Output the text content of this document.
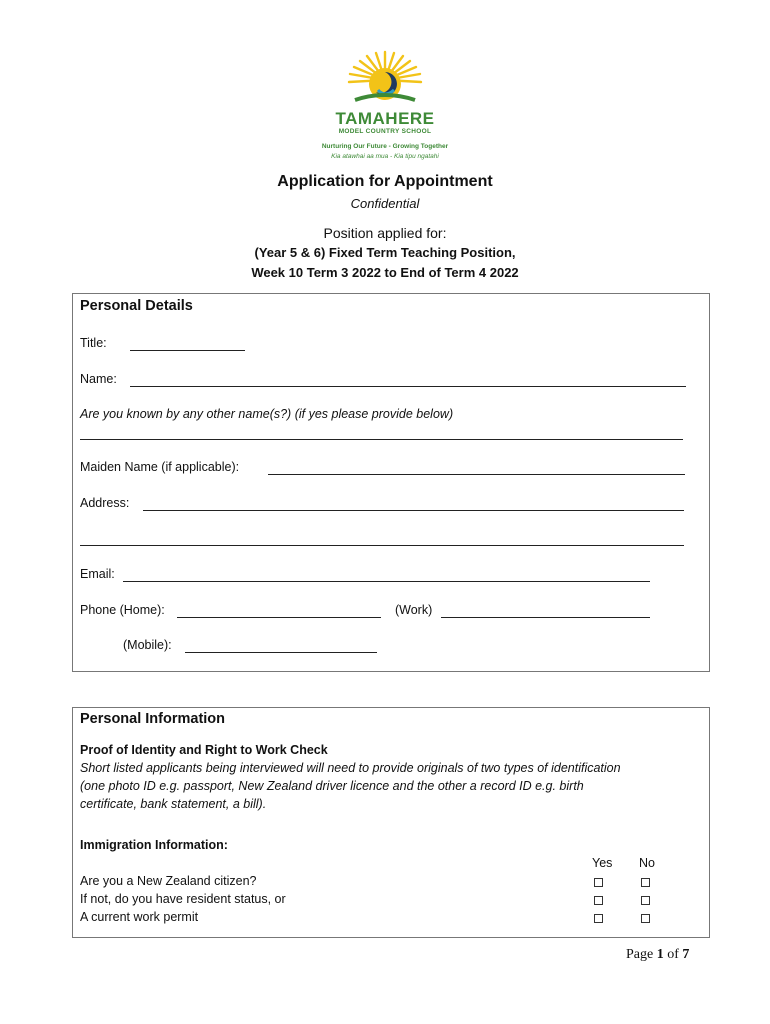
TAMAHERE
MODEL COUNTRY SCHOOL
Nurturing Our Future - Growing Together
Kia atawhai aa mua - Kia tipu ngatahi
Application for Appointment
Confidential
Position applied for:
(Year 5 & 6) Fixed Term Teaching Position,
Week 10 Term 3 2022 to End of Term 4 2022
Personal Details
Title:
Name:
Are you known by any other name(s?) (if yes please provide below)
Maiden Name (if applicable):
Address:
Email:
Phone (Home):	(Work)
(Mobile):
Personal Information
Proof of Identity and Right to Work Check
Short listed applicants being interviewed will need to provide originals of two types of identification
(one photo ID e.g. passport, New Zealand driver licence and the other a record ID e.g. birth
certificate, bank statement, a bill).
Immigration Information:
Yes No
Are you a New Zealand citizen?
If not, do you have resident status, or
A current work permit
Page 1 of 7
